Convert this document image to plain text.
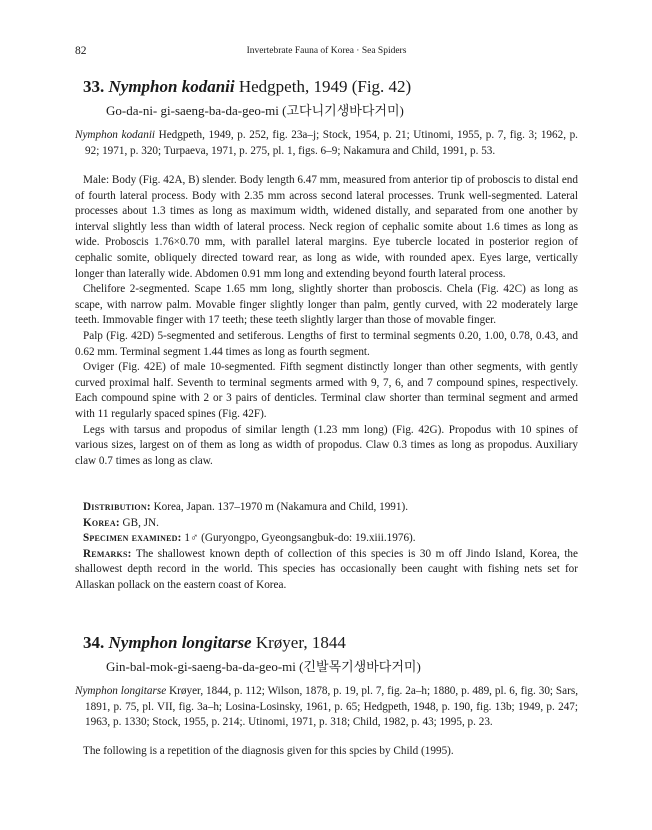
82	Invertebrate Fauna of Korea · Sea Spiders
33. Nymphon kodanii Hedgpeth, 1949 (Fig. 42)
Go-da-ni- gi-saeng-ba-da-geo-mi (고다니기생바다거미)
Nymphon kodanii Hedgpeth, 1949, p. 252, fig. 23a–j; Stock, 1954, p. 21; Utinomi, 1955, p. 7, fig. 3; 1962, p. 92; 1971, p. 320; Turpaeva, 1971, p. 275, pl. 1, figs. 6–9; Nakamura and Child, 1991, p. 53.

Male: Body (Fig. 42A, B) slender. Body length 6.47 mm, measured from anterior tip of proboscis to distal end of fourth lateral process. Body with 2.35 mm across second lateral processes. Trunk well-segmented. Lateral processes about 1.3 times as long as maximum width, widened distally, and separated from one another by interval slightly less than width of lateral process. Neck region of cephalic somite about 1.6 times as long as wide. Proboscis 1.76×0.70 mm, with parallel lateral margins. Eye tubercle located in posterior region of cephalic somite, obliquely directed toward rear, as long as wide, with rounded apex. Eyes large, vertically longer than laterally wide. Abdomen 0.91 mm long and extending beyond fourth lateral process.

Chelifore 2-segmented. Scape 1.65 mm long, slightly shorter than proboscis. Chela (Fig. 42C) as long as scape, with narrow palm. Movable finger slightly longer than palm, gently curved, with 22 moderately large teeth. Immovable finger with 17 teeth; these teeth slightly larger than those of movable finger.

Palp (Fig. 42D) 5-segmented and setiferous. Lengths of first to terminal segments 0.20, 1.00, 0.78, 0.43, and 0.62 mm. Terminal segment 1.44 times as long as fourth segment.

Oviger (Fig. 42E) of male 10-segmented. Fifth segment distinctly longer than other segments, with gently curved proximal half. Seventh to terminal segments armed with 9, 7, 6, and 7 compound spines, respectively. Each compound spine with 2 or 3 pairs of denticles. Terminal claw shorter than terminal segment and armed with 11 regularly spaced spines (Fig. 42F).

Legs with tarsus and propodus of similar length (1.23 mm long) (Fig. 42G). Propodus with 10 spines of various sizes, largest on of them as long as width of propodus. Claw 0.3 times as long as propodus. Auxiliary claw 0.7 times as long as claw.

Distribution: Korea, Japan. 137–1970 m (Nakamura and Child, 1991).

Korea: GB, JN.

Specimen examined: 1♂ (Guryongpo, Gyeongsangbuk-do: 19.xiii.1976).

Remarks: The shallowest known depth of collection of this species is 30 m off Jindo Island, Korea, the shallowest depth record in the world. This species has occasionally been caught with fishing nets set for Allaskan pollack on the eastern coast of Korea.

34. Nymphon longitarse Krøyer, 1844
Gin-bal-mok-gi-saeng-ba-da-geo-mi (긴발목기생바다거미)
Nymphon longitarse Krøyer, 1844, p. 112; Wilson, 1878, p. 19, pl. 7, fig. 2a–h; 1880, p. 489, pl. 6, fig. 30; Sars, 1891, p. 75, pl. VII, fig. 3a–h; Losina-Losinsky, 1961, p. 65; Hedgpeth, 1948, p. 190, fig. 13b; 1949, p. 247; 1963, p. 1330; Stock, 1955, p. 214;. Utinomi, 1971, p. 318; Child, 1982, p. 43; 1995, p. 23.

The following is a repetition of the diagnosis given for this spcies by Child (1995).
